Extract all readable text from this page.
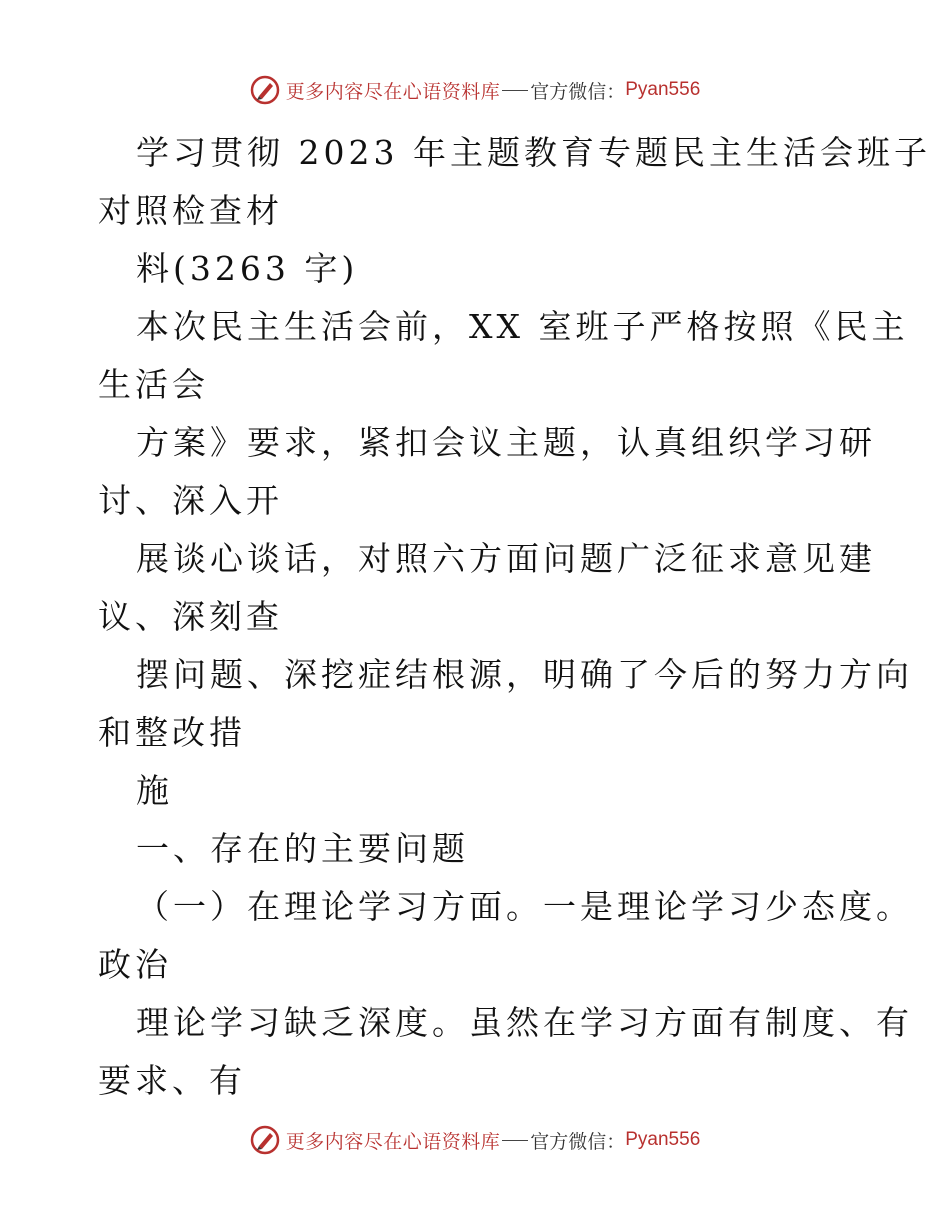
更多内容尽在心语资料库 官方微信： Pyan556
学习贯彻 2023 年主题教育专题民主生活会班子
对照检查材
料(3263 字)
本次民主生活会前，XX 室班子严格按照《民主
生活会
方案》要求，紧扣会议主题，认真组织学习研
讨、深入开
展谈心谈话，对照六方面问题广泛征求意见建
议、深刻查
摆问题、深挖症结根源，明确了今后的努力方向
和整改措
施
一、存在的主要问题
（一）在理论学习方面。一是理论学习少态度。
政治
理论学习缺乏深度。虽然在学习方面有制度、有
要求、有
更多内容尽在心语资料库 官方微信： Pyan556
